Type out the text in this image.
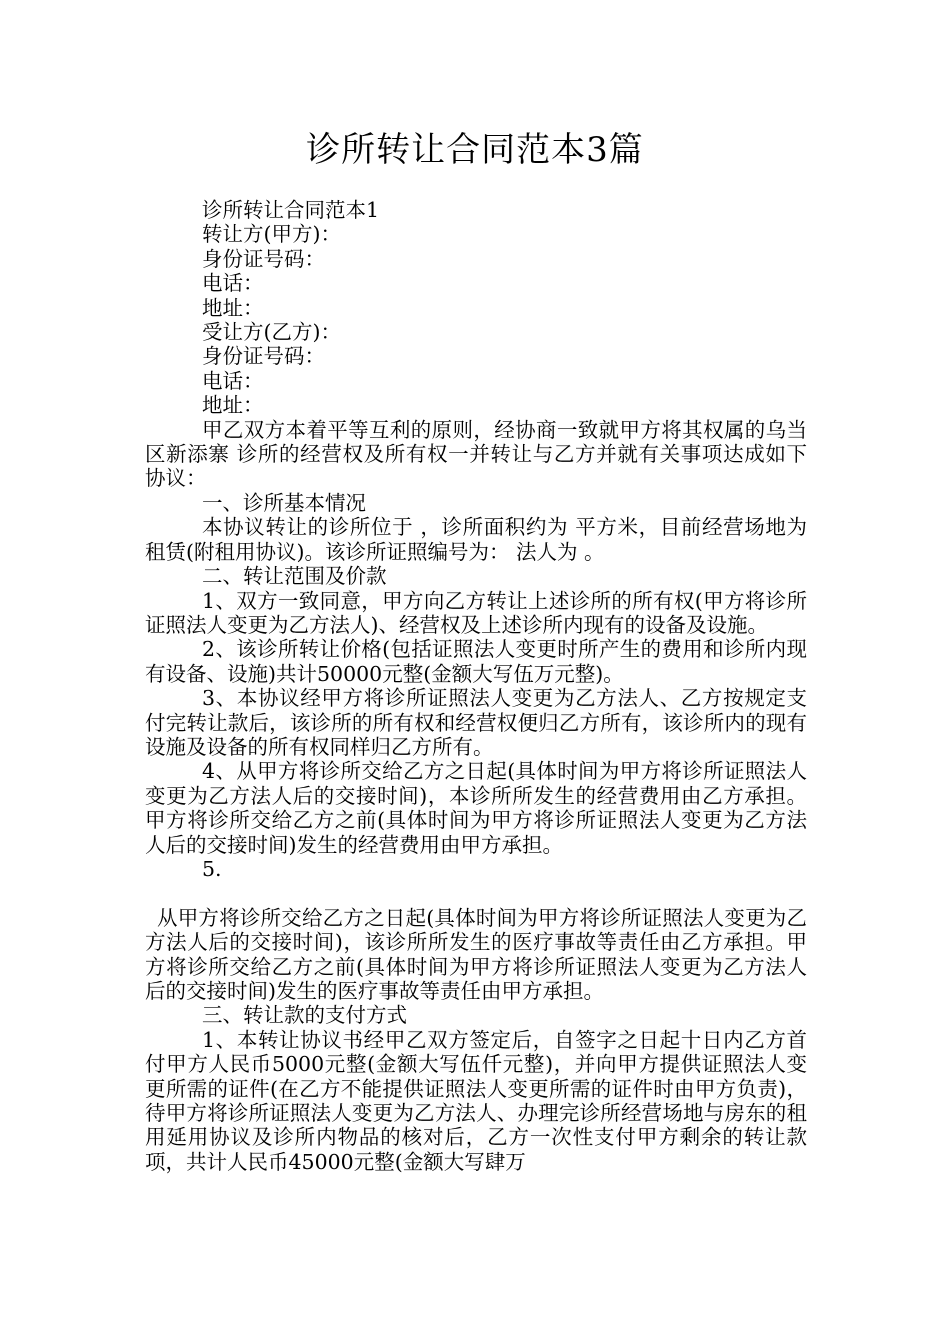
诊所转让合同范本3篇

诊所转让合同范本1

转让方(甲方)：

身份证号码：

电话：

地址：

受让方(乙方)：

身份证号码：

电话：

地址：

甲乙双方本着平等互利的原则，经协商一致就甲方将其权属的乌当区新添寨 诊所的经营权及所有权一并转让与乙方并就有关事项达成如下协议：

一、诊所基本情况

本协议转让的诊所位于 ，诊所面积约为 平方米，目前经营场地为租赁(附租用协议)。该诊所证照编号为： 法人为 。

二、转让范围及价款

1、双方一致同意，甲方向乙方转让上述诊所的所有权(甲方将诊所证照法人变更为乙方法人)、经营权及上述诊所内现有的设备及设施。

2、该诊所转让价格(包括证照法人变更时所产生的费用和诊所内现有设备、设施)共计50000元整(金额大写伍万元整)。

3、本协议经甲方将诊所证照法人变更为乙方法人、乙方按规定支付完转让款后，该诊所的所有权和经营权便归乙方所有，该诊所内的现有设施及设备的所有权同样归乙方所有。

4、从甲方将诊所交给乙方之日起(具体时间为甲方将诊所证照法人变更为乙方法人后的交接时间)，本诊所所发生的经营费用由乙方承担。甲方将诊所交给乙方之前(具体时间为甲方将诊所证照法人变更为乙方法人后的交接时间)发生的经营费用由甲方承担。

5.

从甲方将诊所交给乙方之日起(具体时间为甲方将诊所证照法人变更为乙方法人后的交接时间)，该诊所所发生的医疗事故等责任由乙方承担。甲方将诊所交给乙方之前(具体时间为甲方将诊所证照法人变更为乙方法人后的交接时间)发生的医疗事故等责任由甲方承担。

三、转让款的支付方式

1、本转让协议书经甲乙双方签定后，自签字之日起十日内乙方首付甲方人民币5000元整(金额大写伍仟元整)，并向甲方提供证照法人变更所需的证件(在乙方不能提供证照法人变更所需的证件时由甲方负责)，待甲方将诊所证照法人变更为乙方法人、办理完诊所经营场地与房东的租用延用协议及诊所内物品的核对后，乙方一次性支付甲方剩余的转让款项，共计人民币45000元整(金额大写肆万
